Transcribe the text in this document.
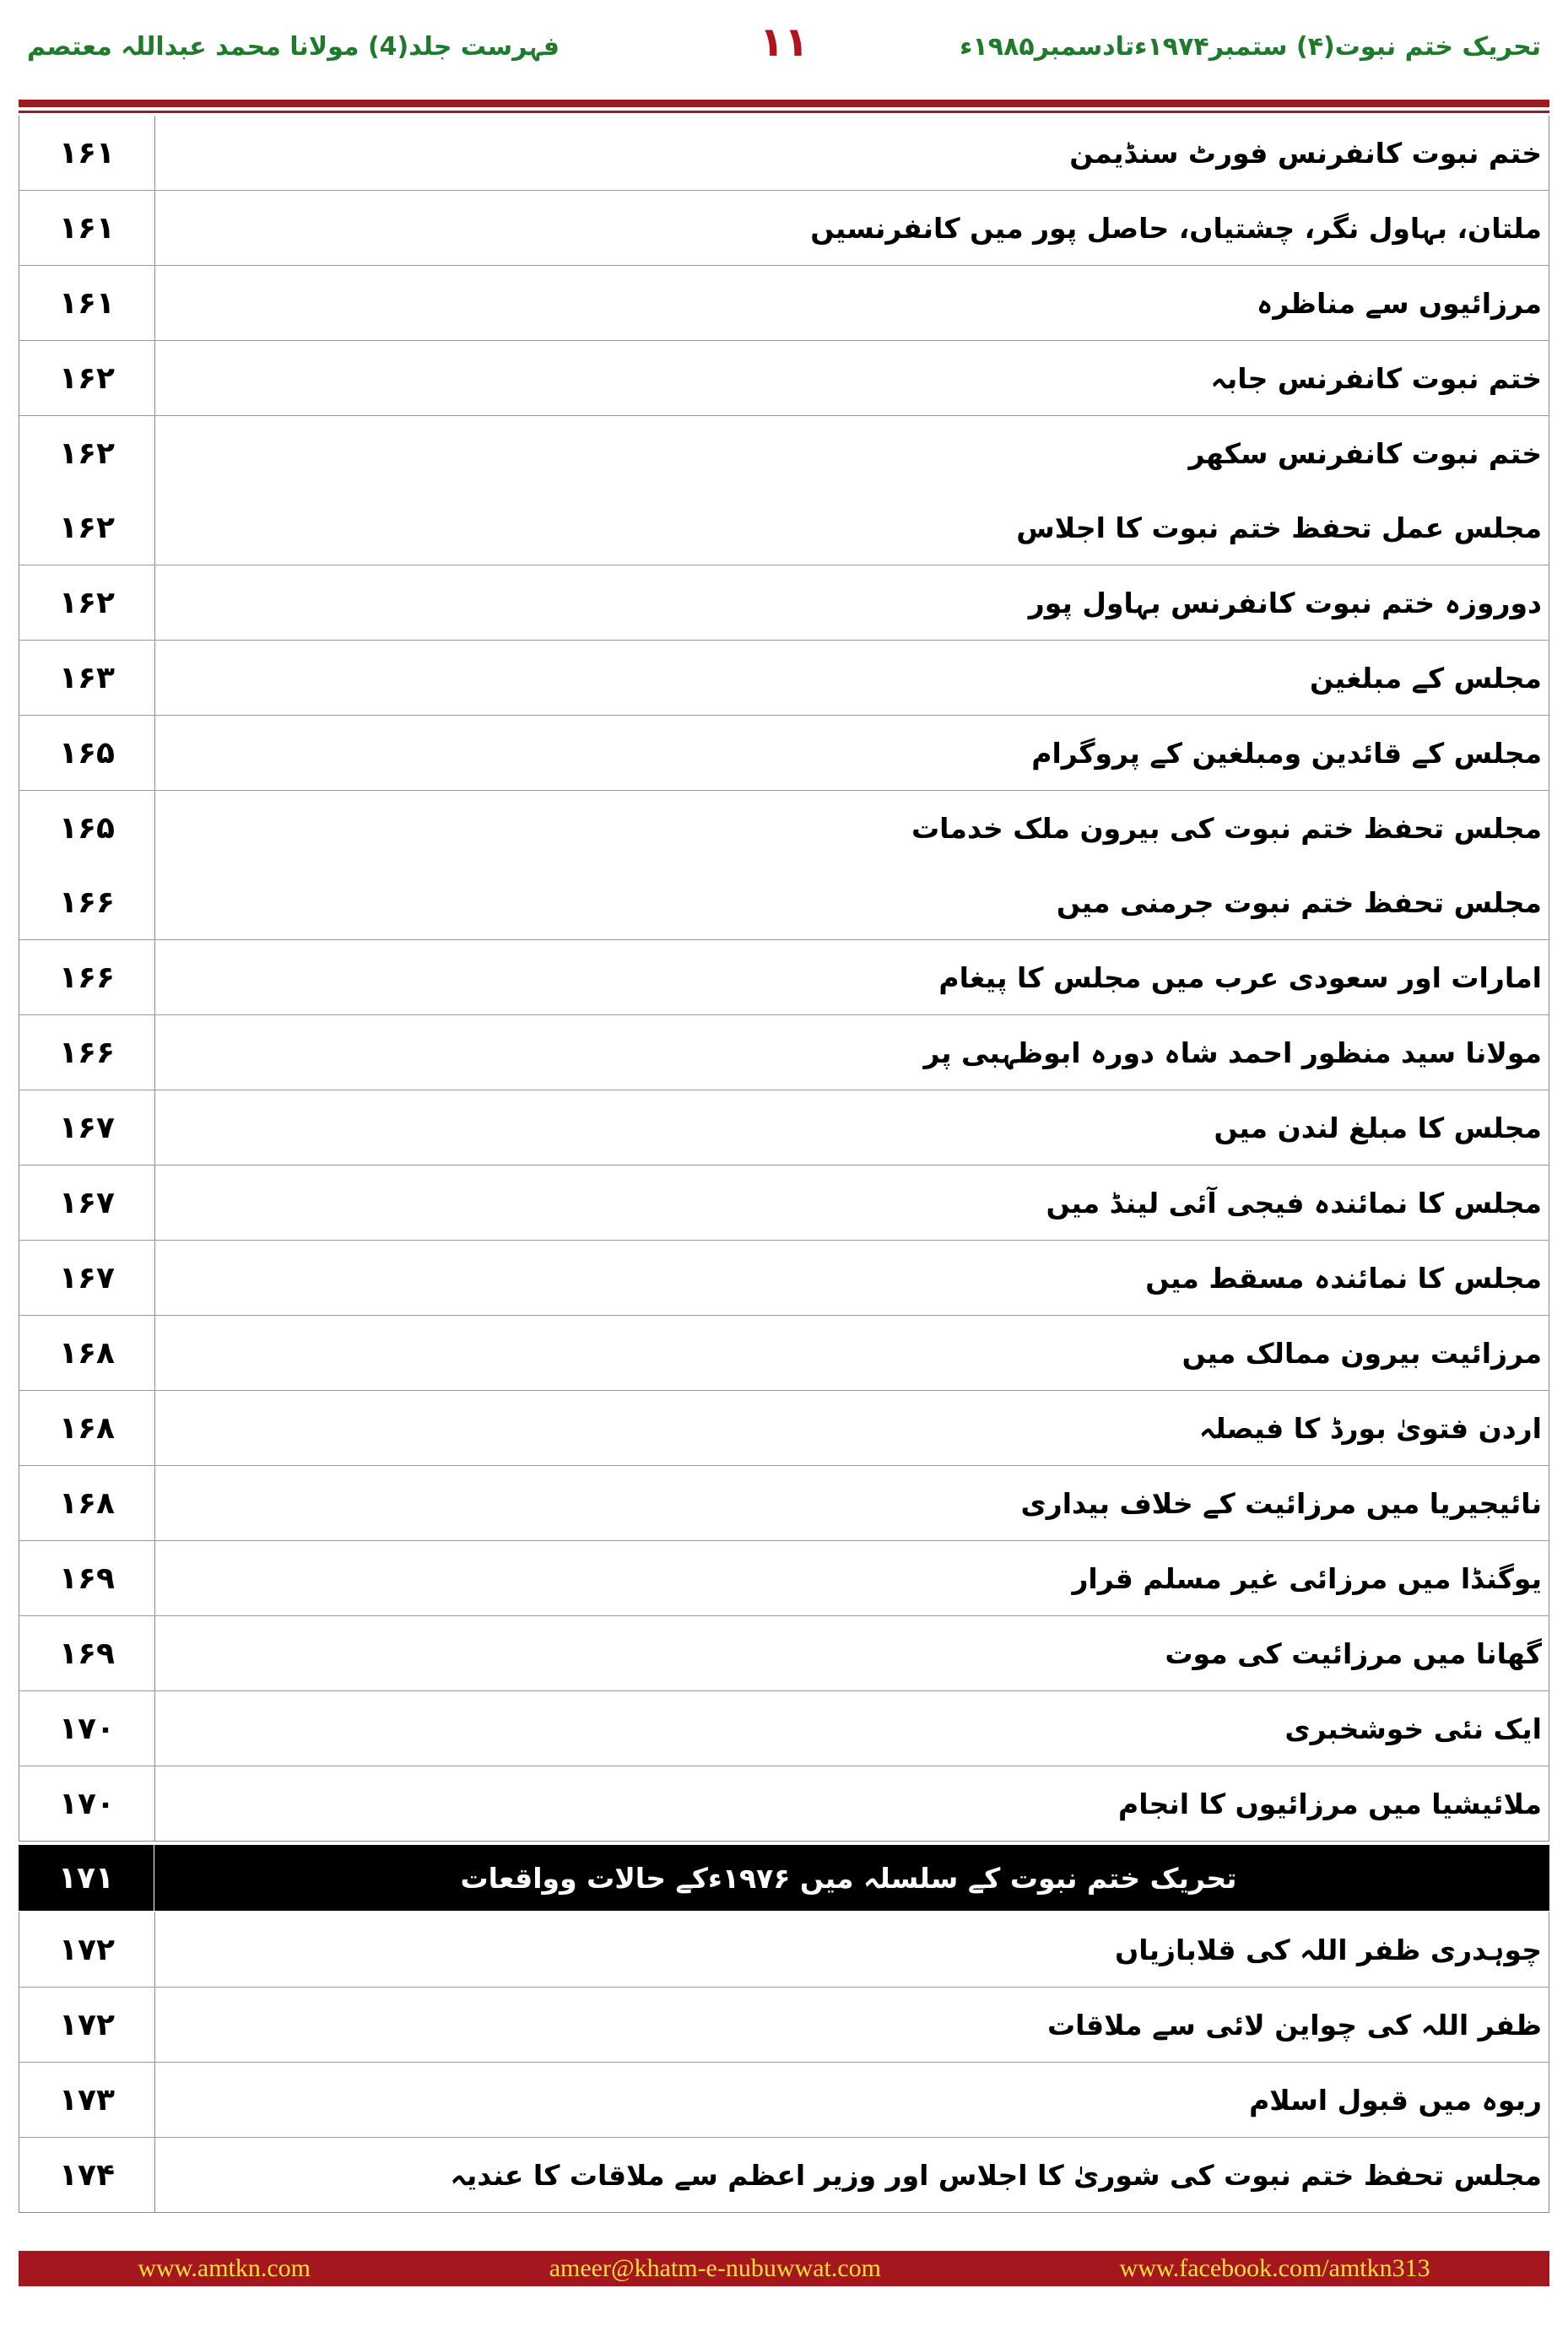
تحریک ختم نبوت(۴) ستمبر۱۹۷۴ءتادسمبر۱۹۸۵ء
۱۱
فہرست جلد(4) مولانا محمد عبداللہ معتصم
۱۶۱	ختم نبوت کانفرنس فورٹ سنڈیمن
۱۶۱	ملتان، بہاول نگر، چشتیاں، حاصل پور میں کانفرنسیں
۱۶۱	مرزائیوں سے مناظرہ
۱۶۲	ختم نبوت کانفرنس جابہ
۱۶۲	ختم نبوت کانفرنس سکھر
۱۶۲	مجلس عمل تحفظ ختم نبوت کا اجلاس
۱۶۲	دوروزہ ختم نبوت کانفرنس بہاول پور
۱۶۳	مجلس کے مبلغین
۱۶۵	مجلس کے قائدین ومبلغین کے پروگرام
۱۶۵	مجلس تحفظ ختم نبوت کی بیرون ملک خدمات
۱۶۶	مجلس تحفظ ختم نبوت جرمنی میں
۱۶۶	امارات اور سعودی عرب میں مجلس کا پیغام
۱۶۶	مولانا سید منظور احمد شاہ دورہ ابوظہبی پر
۱۶۷	مجلس کا مبلغ لندن میں
۱۶۷	مجلس کا نمائندہ فیجی آئی لینڈ میں
۱۶۷	مجلس کا نمائندہ مسقط میں
۱۶۸	مرزائیت بیرون ممالک میں
۱۶۸	اردن فتویٰ بورڈ کا فیصلہ
۱۶۸	نائیجیریا میں مرزائیت کے خلاف بیداری
۱۶۹	یوگنڈا میں مرزائی غیر مسلم قرار
۱۶۹	گھانا میں مرزائیت کی موت
۱۷۰	ایک نئی خوشخبری
۱۷۰	ملائیشیا میں مرزائیوں کا انجام
۱۷۱	تحریک ختم نبوت کے سلسلہ میں ۱۹۷۶ءکے حالات وواقعات
۱۷۲	چوہدری ظفر اللہ کی قلابازیاں
۱۷۲	ظفر اللہ کی چواین لائی سے ملاقات
۱۷۳	ربوہ میں قبول اسلام
۱۷۴	مجلس تحفظ ختم نبوت کی شوریٰ کا اجلاس اور وزیر اعظم سے ملاقات کا عندیہ
www.amtkn.com	ameer@khatm-e-nubuwwat.com	www.facebook.com/amtkn313
